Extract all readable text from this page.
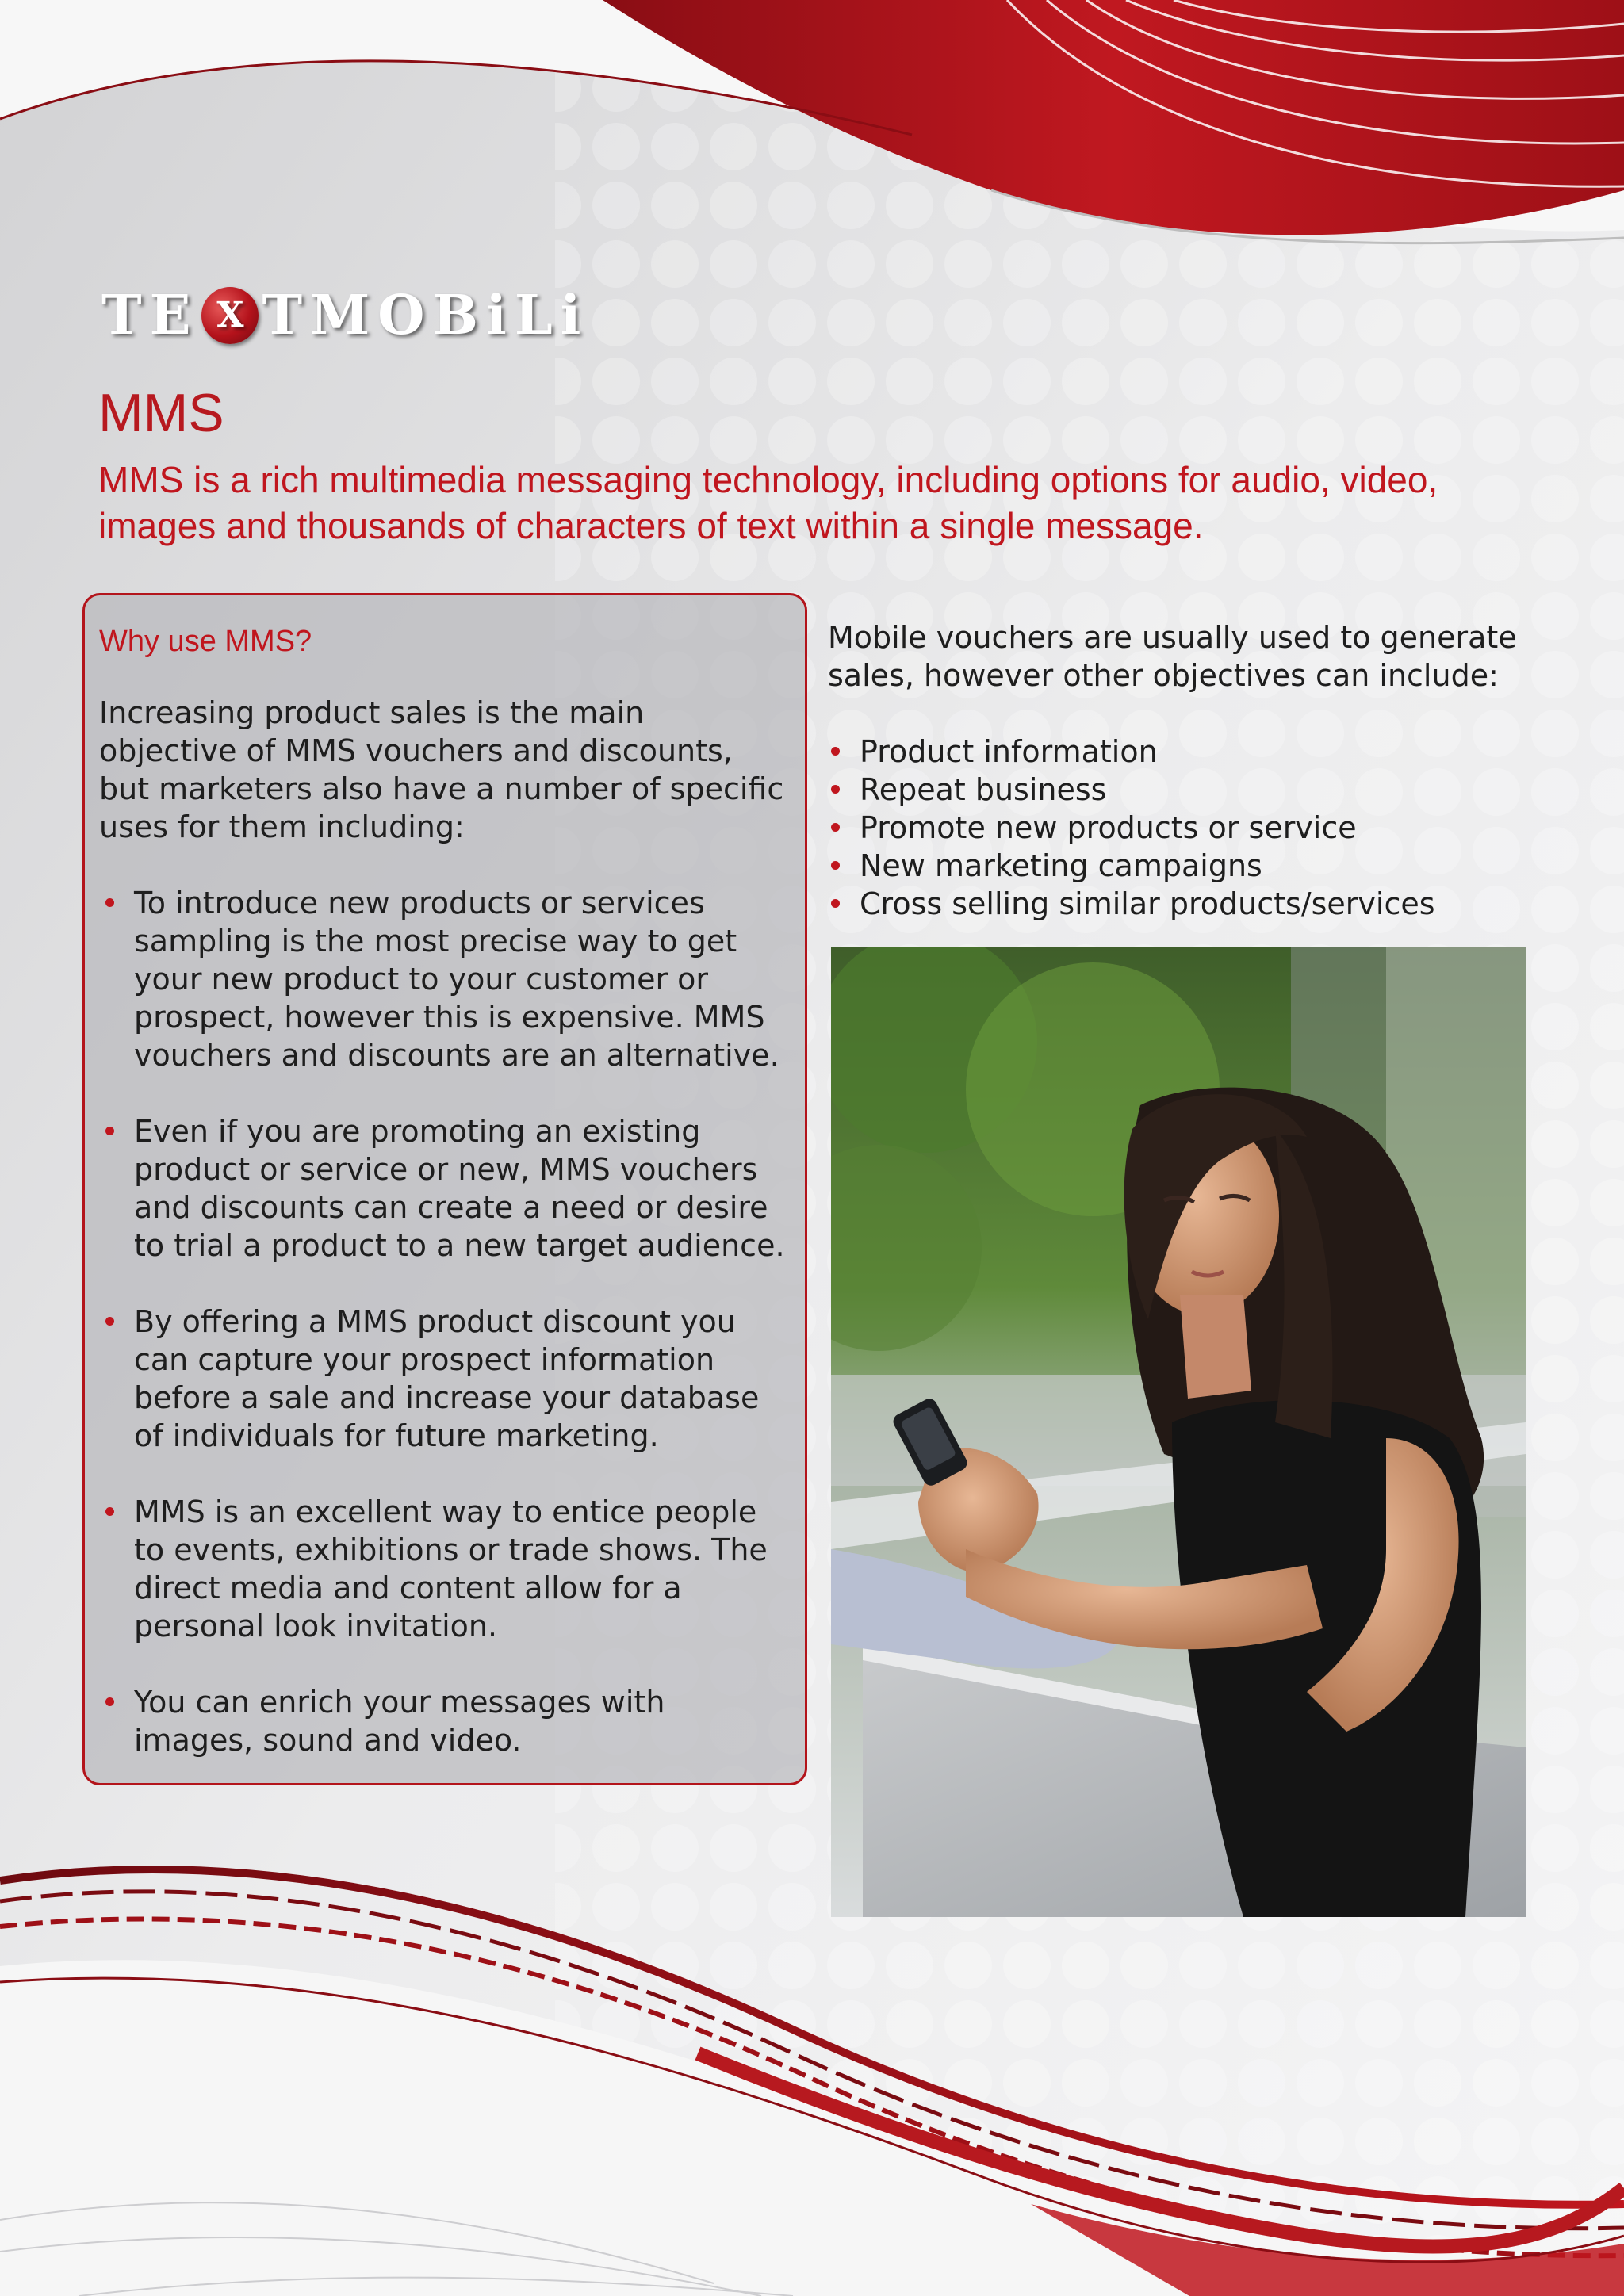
TE X TMOBiLi
MMS

MMS is a rich multimedia messaging technology, including options for audio, video, images and thousands of characters of text within a single message.

Why use MMS?

Increasing product sales is the main objective of MMS vouchers and discounts, but marketers also have a number of specific uses for them including:

To introduce new products or services sampling is the most precise way to get your new product to your customer or prospect, however this is expensive. MMS vouchers and discounts are an alternative.
Even if you are promoting an existing product or service or new, MMS vouchers and discounts can create a need or desire to trial a product to a new target audience.
By offering a MMS product discount you can capture your prospect information before a sale and increase your database of individuals for future marketing.
MMS is an excellent way to entice people to events, exhibitions or trade shows. The direct media and content allow for a personal look invitation.
You can enrich your messages with images, sound and video.

Mobile vouchers are usually used to generate sales, however other objectives can include:

Product information
Repeat business
Promote new products or service
New marketing campaigns
Cross selling similar products/services
